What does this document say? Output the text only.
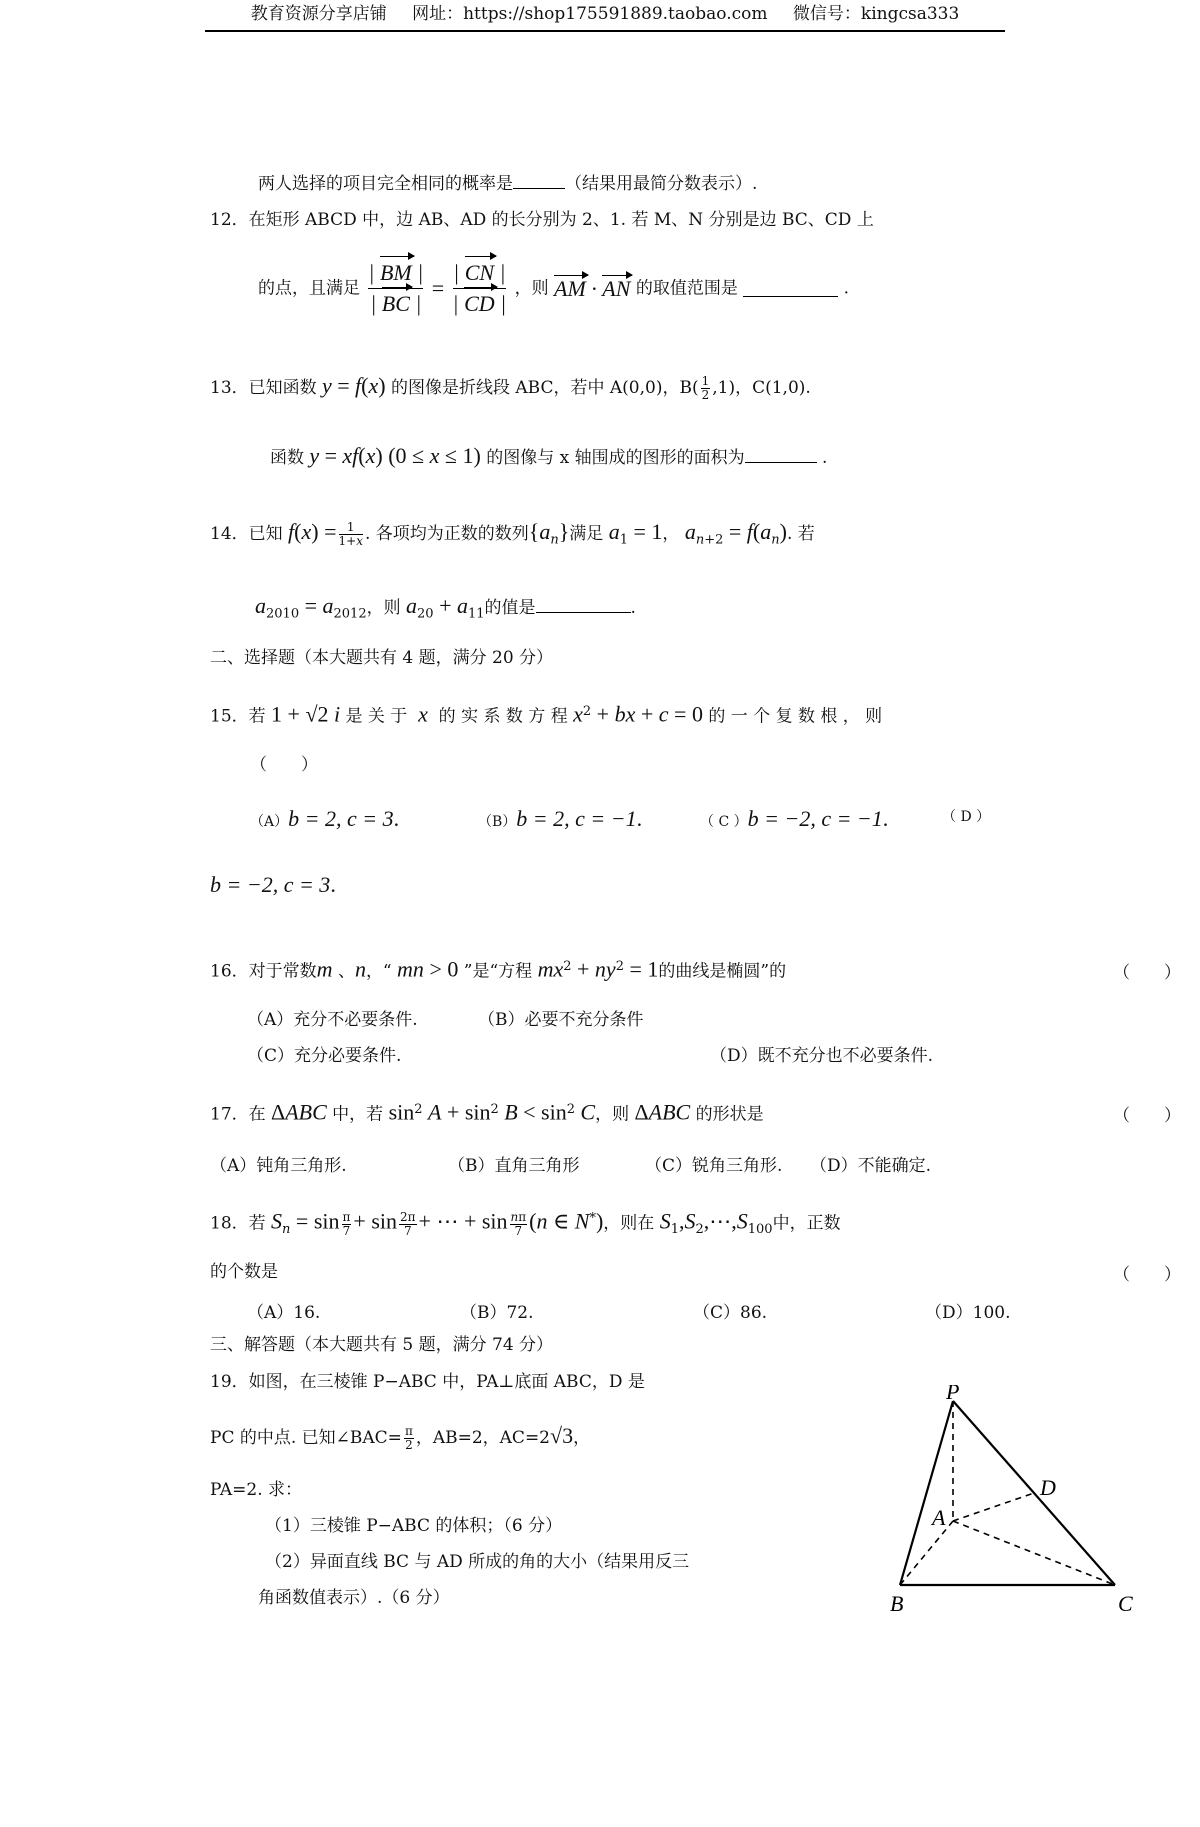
教育资源分享店铺 网址：https://shop175591889.taobao.com 微信号：kingcsa333
两人选择的项目完全相同的概率是	（结果用最简分数表示）.
12．在矩形 ABCD 中，边 AB、AD 的长分别为 2、1. 若 M、N 分别是边 BC、CD 上
的点，且满足 $\frac{| BM |}{| BC |} = \frac{| CN |}{| CD |}$ ，则 AM · AN 的取值范围是	.
13．已知函数 y = f(x) 的图像是折线段 ABC，若中 A(0,0)，$B( \frac{1}{2} ,1)$，C(1,0).
函数 y = xf(x) (0 ≤ x ≤ 1) 的图像与 x 轴围成的图形的面积为	.
14．已知 $f(x) = \frac{1}{1+x}$ . 各项均为正数的数列$\{a_n\}$满足 $a_1 = 1$， $a_{n+2} = f(a_n)$. 若
$a_{2010} = a_{2012}$，则 $a_{20} + a_{11}$的值是	.
二、选择题（本大题共有 4 题，满分 20 分）
15．若 1 + √2 i 是 关 于 x 的 实 系 数 方 程 $x^2$ + bx + c = 0 的 一 个 复 数 根 ， 则
（　　）
（A）b = 2, c = 3.	（B）b = 2, c = −1.	（ C ）b = −2, c = −1.	（ D ）
b = −2, c = 3.
16．对于常数m 、n，“ mn > 0 ”是“方程 $mx^2 + ny^2 = 1$的曲线是椭圆”的	（　　）
（A）充分不必要条件.	（B）必要不充分条件
（C）充分必要条件.	（D）既不充分也不必要条件.
17．在 ΔABC 中，若 $\sin^2 A + \sin^2 B < \sin^2 C$，则 ΔABC 的形状是	（　　）
（A）钝角三角形.	（B）直角三角形	（C）锐角三角形. （D）不能确定.
18．若 $S_n = \sin \frac{\pi}{7} + \sin \frac{2\pi}{7}$ + ⋯ + $\sin \frac{n\pi}{7} (n$ ∈ N*)，则在 $S_1,S_2,\cdots,S_{100}$中，正数
的个数是	（　　）
（A）16.	（B）72.	（C）86.	（D）100.
三、解答题（本大题共有 5 题，满分 74 分）
19．如图，在三棱锥 P−ABC 中，PA⊥底面 ABC，D 是
PC 的中点. 已知∠BAC= $\frac{\pi}{2}$ ，AB=2，AC=2√3，
PA=2. 求：
（1）三棱锥 P−ABC 的体积；（6 分）
（2）异面直线 BC 与 AD 所成的角的大小（结果用反三
角函数值表示）.（6 分）
P
A
D
B	C
